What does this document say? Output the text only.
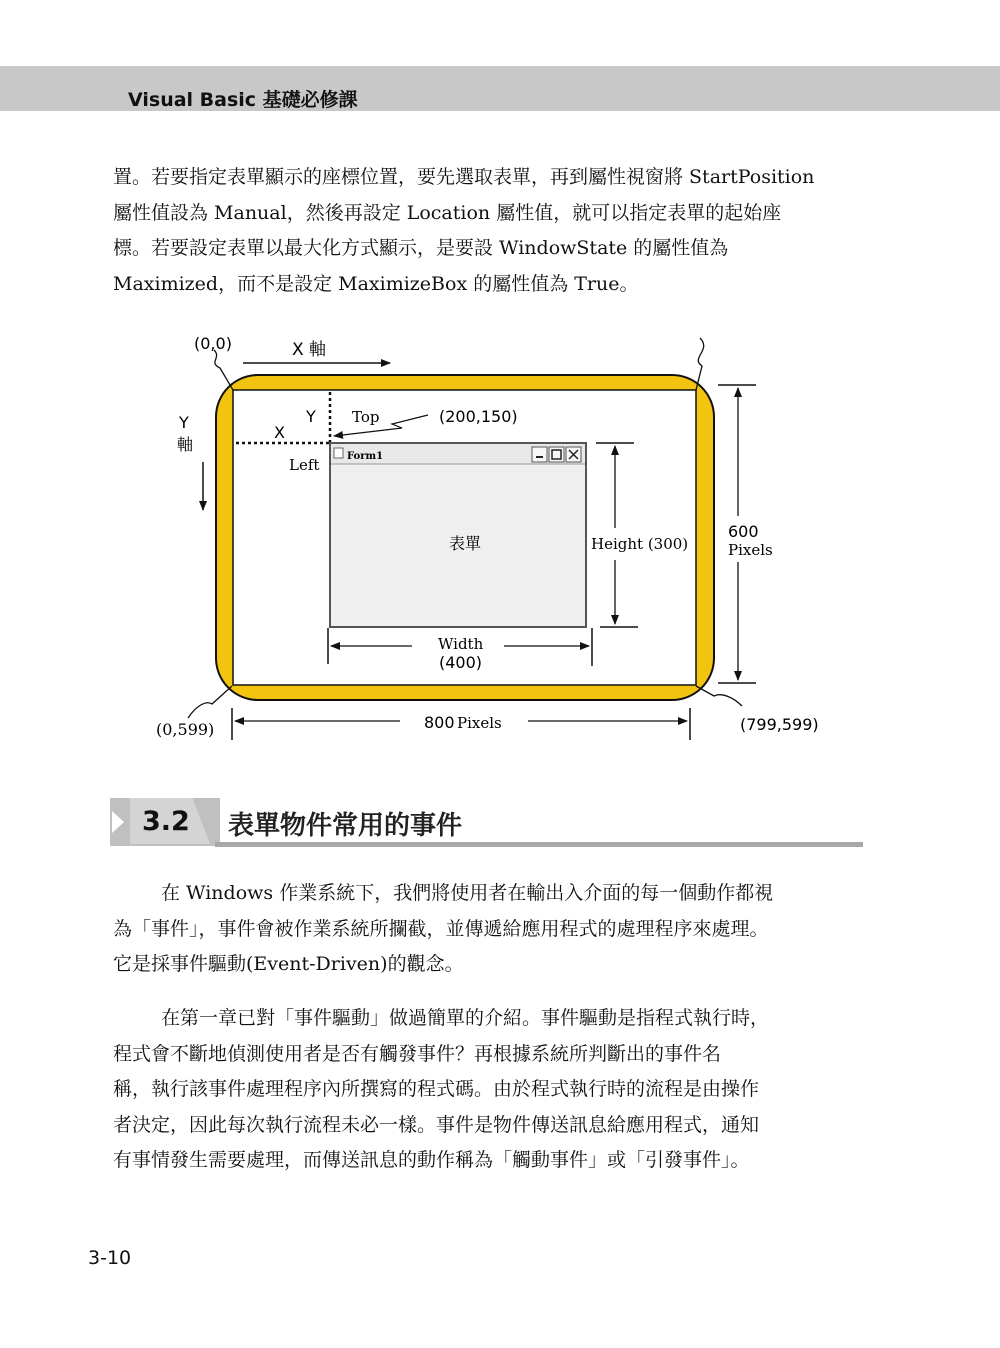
Visual Basic 基礎必修課

置。若要指定表單顯示的座標位置，要先選取表單，再到屬性視窗將 StartPosition

屬性值設為 Manual，然後再設定 Location 屬性值，就可以指定表單的起始座

標。若要設定表單以最大化方式顯示，是要設 WindowState 的屬性值為

Maximized，而不是設定 MaximizeBox 的屬性值為 True。

(0,0)	X 軸
Y
軸
Y
X
Top
Left
(200,150)
Form1
表單	Height (300)
Width
(400)
600
Pixels
800 Pixels
(0,599)	(799,599)
3.2 表單物件常用的事件

在 Windows 作業系統下，我們將使用者在輸出入介面的每一個動作都視

為「事件」，事件會被作業系統所攔截，並傳遞給應用程式的處理程序來處理。

它是採事件驅動(Event-Driven)的觀念。

在第一章已對「事件驅動」做過簡單的介紹。事件驅動是指程式執行時，

程式會不斷地偵測使用者是否有觸發事件？再根據系統所判斷出的事件名

稱，執行該事件處理程序內所撰寫的程式碼。由於程式執行時的流程是由操作

者決定，因此每次執行流程未必一樣。事件是物件傳送訊息給應用程式，通知

有事情發生需要處理，而傳送訊息的動作稱為「觸動事件」或「引發事件」。

3-10
